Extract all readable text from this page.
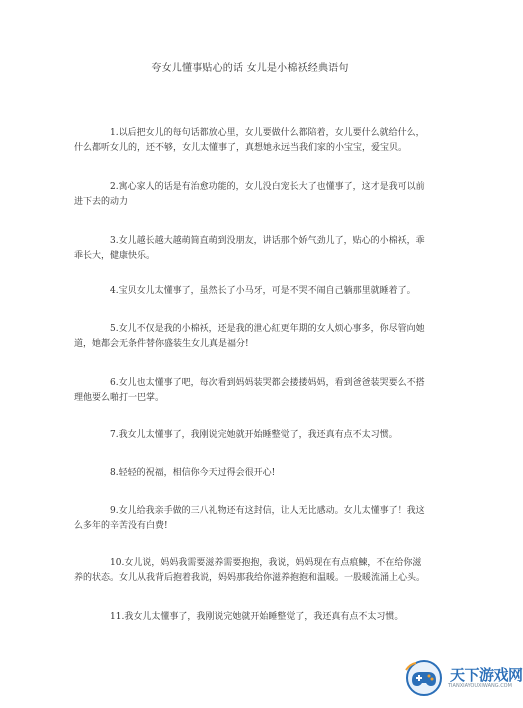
夸女儿懂事贴心的话 女儿是小棉袄经典语句

1.以后把女儿的每句话都放心里，女儿要做什么都陪着，女儿要什么就给什么，什么都听女儿的，还不够，女儿太懂事了，真想她永远当我们家的小宝宝，爱宝贝。

2.寓心家人的话是有治愈功能的，女儿没白宠长大了也懂事了，这才是我可以前进下去的动力

3.女儿越长越大越萌简直萌到没朋友，讲话那个娇气劲儿了，贴心的小棉袄，乖乖长大，健康快乐。

4.宝贝女儿太懂事了，虽然长了小马牙，可是不哭不闹自己躺那里就睡着了。

5.女儿不仅是我的小棉袄，还是我的泄心紅更年期的女人烦心事多，你尽管向她道，她都会无条件替你盛装生女儿真是福分!

6.女儿也太懂事了吧，每次看到妈妈装哭都会搂搂妈妈，看到爸爸装哭要么不搭理他要么啪打一巴掌。

7.我女儿太懂事了，我刚说完她就开始睡整觉了，我还真有点不太习惯。

8.轻轻的祝福，相信你今天过得会很开心!

9.女儿给我亲手做的三八礼物还有这封信，让人无比感动。女儿太懂事了！我这么多年的辛苦没有白费!

10.女儿说，妈妈我需要滋养需要抱抱，我说，妈妈现在有点痕鰊，不在给你滋养的状态。女儿从我背后抱着我说，妈妈那我给你滋养抱抱和温暖。一股暖流涌上心头。

11.我女儿太懂事了，我刚说完她就开始睡整觉了，我还真有点不太习惯。

天下游戏网
TIANXIAYOUXIWANG.COM
